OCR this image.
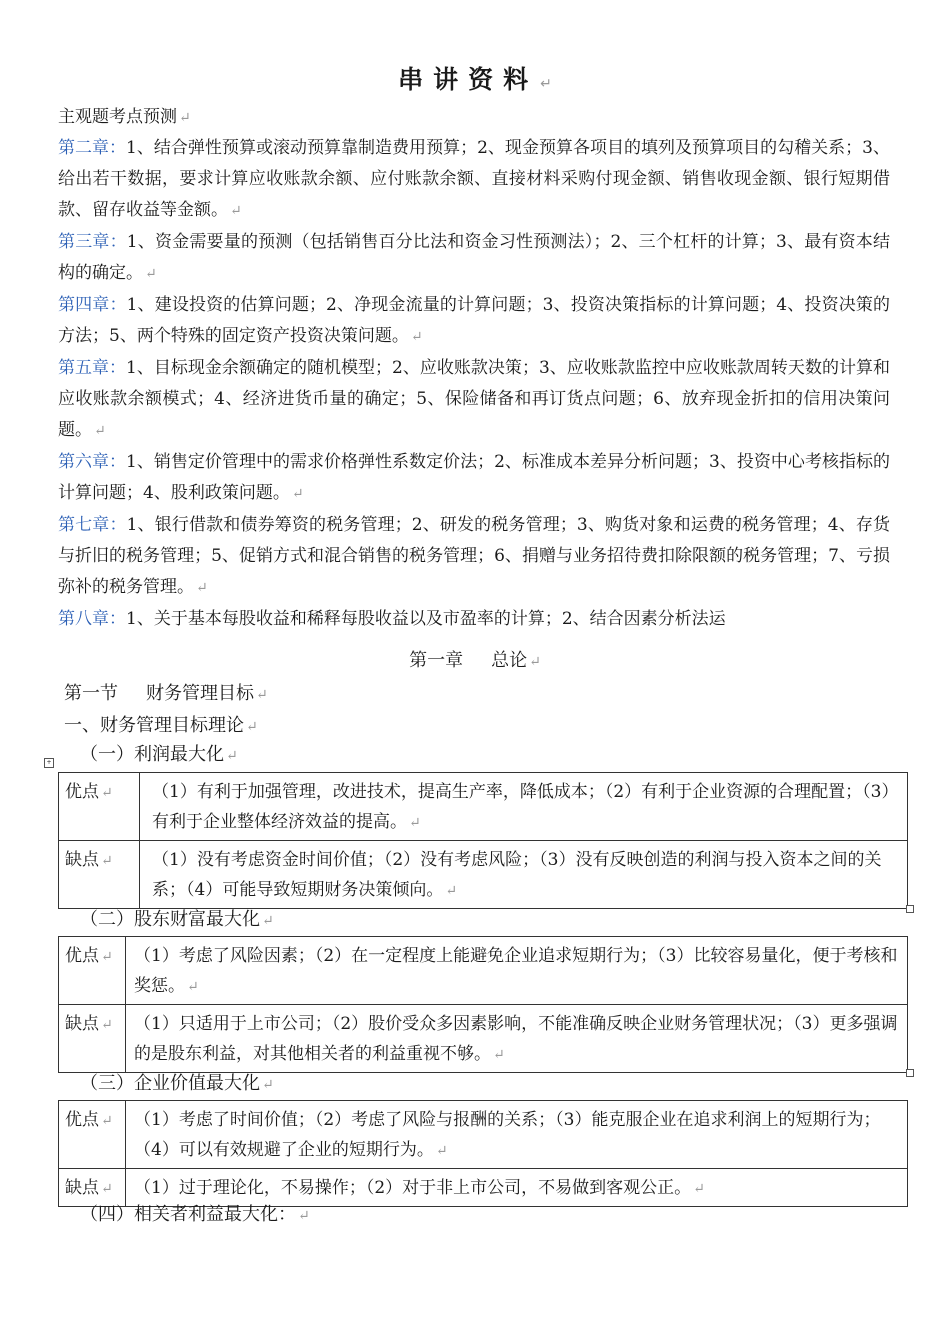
串讲资料 ↵
主观题考点预测 ↵
第二章：1、结合弹性预算或滚动预算靠制造费用预算；2、现金预算各项目的填列及预算项目的勾稽关系；3、给出若干数据，要求计算应收账款余额、应付账款余额、直接材料采购付现金额、销售收现金额、银行短期借款、留存收益等金额。 ↵
第三章：1、资金需要量的预测（包括销售百分比法和资金习性预测法）；2、三个杠杆的计算；3、最有资本结构的确定。 ↵
第四章：1、建设投资的估算问题；2、净现金流量的计算问题；3、投资决策指标的计算问题；4、投资决策的方法；5、两个特殊的固定资产投资决策问题。 ↵
第五章：1、目标现金余额确定的随机模型；2、应收账款决策；3、应收账款监控中应收账款周转天数的计算和应收账款余额模式；4、经济进货币量的确定；5、保险储备和再订货点问题；6、放弃现金折扣的信用决策问题。 ↵
第六章：1、销售定价管理中的需求价格弹性系数定价法；2、标准成本差异分析问题；3、投资中心考核指标的计算问题；4、股利政策问题。 ↵
第七章：1、银行借款和债券筹资的税务管理；2、研发的税务管理；3、购货对象和运费的税务管理；4、存货与折旧的税务管理；5、促销方式和混合销售的税务管理；6、捐赠与业务招待费扣除限额的税务管理；7、亏损弥补的税务管理。 ↵
第八章：1、关于基本每股收益和稀释每股收益以及市盈率的计算；2、结合因素分析法运
第一章 总论 ↵
第一节 财务管理目标 ↵
一、财务管理目标理论 ↵
+ （一）利润最大化 ↵
优点 ↵	（1）有利于加强管理，改进技术，提高生产率，降低成本；（2）有利于企业资源的合理配置；（3）有利于企业整体经济效益的提高。 ↵
缺点 ↵	（1）没有考虑资金时间价值；（2）没有考虑风险；（3）没有反映创造的利润与投入资本之间的关系；（4）可能导致短期财务决策倾向。 ↵
（二）股东财富最大化 ↵
优点 ↵	（1）考虑了风险因素；（2）在一定程度上能避免企业追求短期行为；（3）比较容易量化，便于考核和奖惩。 ↵
缺点 ↵	（1）只适用于上市公司；（2）股价受众多因素影响，不能准确反映企业财务管理状况；（3）更多强调的是股东利益，对其他相关者的利益重视不够。 ↵
（三）企业价值最大化 ↵
优点 ↵	（1）考虑了时间价值；（2）考虑了风险与报酬的关系；（3）能克服企业在追求利润上的短期行为；（4）可以有效规避了企业的短期行为。 ↵
缺点 ↵	（1）过于理论化，不易操作；（2）对于非上市公司，不易做到客观公正。 ↵
（四）相关者利益最大化： ↵
